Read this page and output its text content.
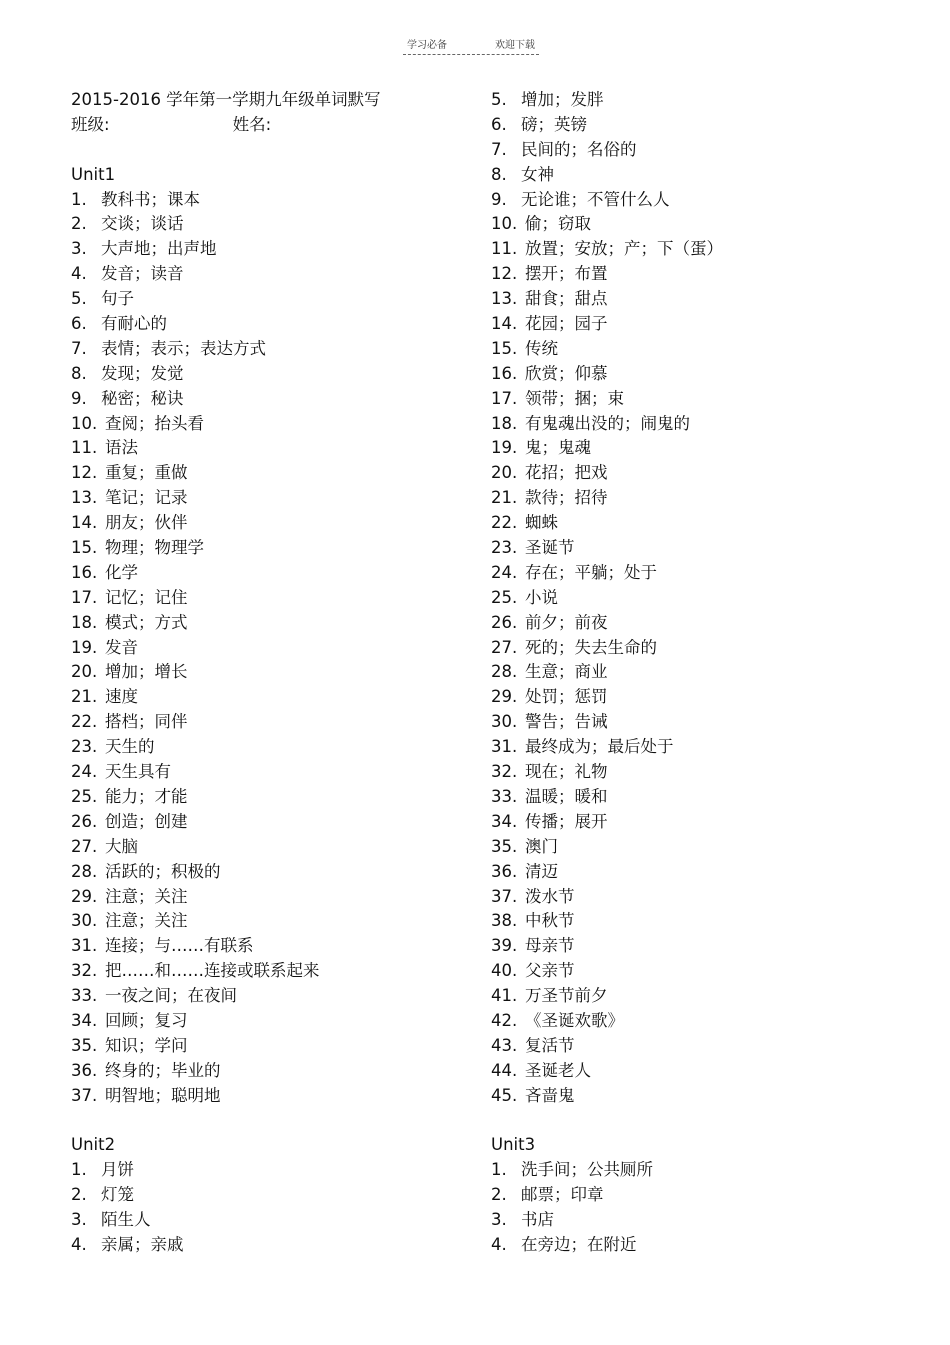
学习必备	欢迎下载
2015-2016 学年第一学期九年级单词默写
班级:	姓名:
Unit1
1. 教科书；课本
2. 交谈；谈话
3. 大声地；出声地
4. 发音；读音
5. 句子
6. 有耐心的
7. 表情；表示；表达方式
8. 发现；发觉
9. 秘密；秘诀
10. 查阅；抬头看
11. 语法
12. 重复；重做
13. 笔记；记录
14. 朋友；伙伴
15. 物理；物理学
16. 化学
17. 记忆；记住
18. 模式；方式
19. 发音
20. 增加；增长
21. 速度
22. 搭档；同伴
23. 天生的
24. 天生具有
25. 能力；才能
26. 创造；创建
27. 大脑
28. 活跃的；积极的
29. 注意；关注
30. 注意；关注
31. 连接；与……有联系
32. 把……和……连接或联系起来
33. 一夜之间；在夜间
34. 回顾；复习
35. 知识；学问
36. 终身的；毕业的
37. 明智地；聪明地
Unit2
1. 月饼
2. 灯笼
3. 陌生人
4. 亲属；亲戚
5. 增加；发胖
6. 磅；英镑
7. 民间的；名俗的
8. 女神
9. 无论谁；不管什么人
10. 偷；窃取
11. 放置；安放；产；下（蛋）
12. 摆开；布置
13. 甜食；甜点
14. 花园；园子
15. 传统
16. 欣赏；仰慕
17. 领带；捆；束
18. 有鬼魂出没的；闹鬼的
19. 鬼；鬼魂
20. 花招；把戏
21. 款待；招待
22. 蜘蛛
23. 圣诞节
24. 存在；平躺；处于
25. 小说
26. 前夕；前夜
27. 死的；失去生命的
28. 生意；商业
29. 处罚；惩罚
30. 警告；告诫
31. 最终成为；最后处于
32. 现在；礼物
33. 温暖；暖和
34. 传播；展开
35. 澳门
36. 清迈
37. 泼水节
38. 中秋节
39. 母亲节
40. 父亲节
41. 万圣节前夕
42. 《圣诞欢歌》
43. 复活节
44. 圣诞老人
45. 吝啬鬼
Unit3
1. 洗手间；公共厕所
2. 邮票；印章
3. 书店
4. 在旁边；在附近
